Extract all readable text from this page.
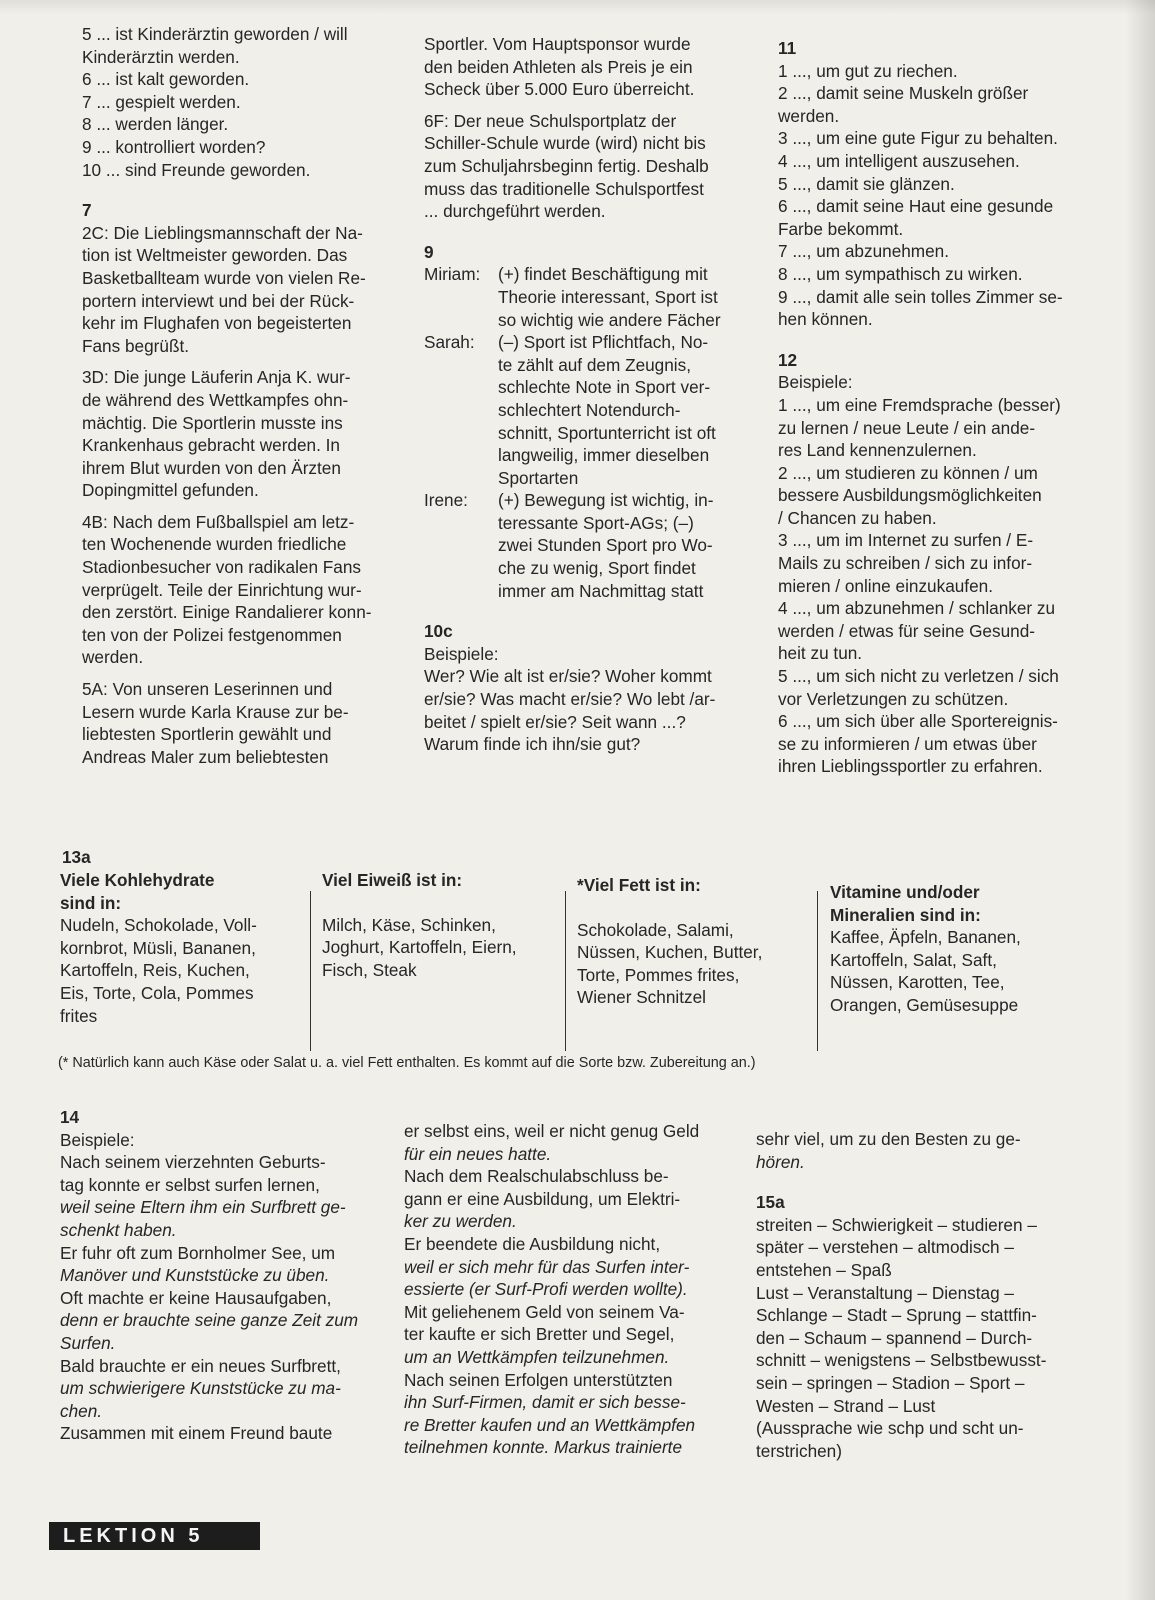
5 ... ist Kinderärztin geworden / will
Kinderärztin werden.

6 ... ist kalt geworden.

7 ... gespielt werden.

8 ... werden länger.

9 ... kontrolliert worden?

10 ... sind Freunde geworden.

7

2C: Die Lieblingsmannschaft der Na-
tion ist Weltmeister geworden. Das
Basketballteam wurde von vielen Re-
portern interviewt und bei der Rück-
kehr im Flughafen von begeisterten
Fans begrüßt.

3D: Die junge Läuferin Anja K. wur-
de während des Wettkampfes ohn-
mächtig. Die Sportlerin musste ins
Krankenhaus gebracht werden. In
ihrem Blut wurden von den Ärzten
Dopingmittel gefunden.

4B: Nach dem Fußballspiel am letz-
ten Wochenende wurden friedliche
Stadionbesucher von radikalen Fans
verprügelt. Teile der Einrichtung wur-
den zerstört. Einige Randalierer konn-
ten von der Polizei festgenommen
werden.

5A: Von unseren Leserinnen und
Lesern wurde Karla Krause zur be-
liebtesten Sportlerin gewählt und
Andreas Maler zum beliebtesten

Sportler. Vom Hauptsponsor wurde
den beiden Athleten als Preis je ein
Scheck über 5.000 Euro überreicht.

6F: Der neue Schulsportplatz der
Schiller-Schule wurde (wird) nicht bis
zum Schuljahrsbeginn fertig. Deshalb
muss das traditionelle Schulsportfest
... durchgeführt werden.

9

Miriam:	(+) findet Beschäftigung mit
Theorie interessant, Sport ist
so wichtig wie andere Fächer
Sarah:	(–) Sport ist Pflichtfach, No-
te zählt auf dem Zeugnis,
schlechte Note in Sport ver-
schlechtert Notendurch-
schnitt, Sportunterricht ist oft
langweilig, immer dieselben
Sportarten
Irene:	(+) Bewegung ist wichtig, in-
teressante Sport-AGs; (–)
zwei Stunden Sport pro Wo-
che zu wenig, Sport findet
immer am Nachmittag statt

10c

Beispiele:

Wer? Wie alt ist er/sie? Woher kommt
er/sie? Was macht er/sie? Wo lebt /ar-
beitet / spielt er/sie? Seit wann ...?
Warum finde ich ihn/sie gut?

11

1 ..., um gut zu riechen.

2 ..., damit seine Muskeln größer
werden.

3 ..., um eine gute Figur zu behalten.

4 ..., um intelligent auszusehen.

5 ..., damit sie glänzen.

6 ..., damit seine Haut eine gesunde
Farbe bekommt.

7 ..., um abzunehmen.

8 ..., um sympathisch zu wirken.

9 ..., damit alle sein tolles Zimmer se-
hen können.

12

Beispiele:

1 ..., um eine Fremdsprache (besser)
zu lernen / neue Leute / ein ande-
res Land kennenzulernen.

2 ..., um studieren zu können / um
bessere Ausbildungsmöglichkeiten
/ Chancen zu haben.

3 ..., um im Internet zu surfen / E-
Mails zu schreiben / sich zu infor-
mieren / online einzukaufen.

4 ..., um abzunehmen / schlanker zu
werden / etwas für seine Gesund-
heit zu tun.

5 ..., um sich nicht zu verletzen / sich
vor Verletzungen zu schützen.

6 ..., um sich über alle Sportereignis-
se zu informieren / um etwas über
ihren Lieblingssportler zu erfahren.

13a

Viele Kohlehydrate
sind in:

Nudeln, Schokolade, Voll-
kornbrot, Müsli, Bananen,
Kartoffeln, Reis, Kuchen,
Eis, Torte, Cola, Pommes
frites

Viel Eiweiß ist in:

Milch, Käse, Schinken,
Joghurt, Kartoffeln, Eiern,
Fisch, Steak

*Viel Fett ist in:

Schokolade, Salami,
Nüssen, Kuchen, Butter,
Torte, Pommes frites,
Wiener Schnitzel

Vitamine und/oder
Mineralien sind in:

Kaffee, Äpfeln, Bananen,
Kartoffeln, Salat, Saft,
Nüssen, Karotten, Tee,
Orangen, Gemüsesuppe

(* Natürlich kann auch Käse oder Salat u. a. viel Fett enthalten. Es kommt auf die Sorte bzw. Zubereitung an.)

14

Beispiele:

Nach seinem vierzehnten Geburts-
tag konnte er selbst surfen lernen,
weil seine Eltern ihm ein Surfbrett ge-
schenkt haben.

Er fuhr oft zum Bornholmer See, um
Manöver und Kunststücke zu üben.

Oft machte er keine Hausaufgaben,
denn er brauchte seine ganze Zeit zum
Surfen.

Bald brauchte er ein neues Surfbrett,
um schwierigere Kunststücke zu ma-
chen.

Zusammen mit einem Freund baute

er selbst eins, weil er nicht genug Geld
für ein neues hatte.

Nach dem Realschulabschluss be-
gann er eine Ausbildung, um Elektri-
ker zu werden.

Er beendete die Ausbildung nicht,
weil er sich mehr für das Surfen inter-
essierte (er Surf-Profi werden wollte).

Mit geliehenem Geld von seinem Va-
ter kaufte er sich Bretter und Segel,
um an Wettkämpfen teilzunehmen.

Nach seinen Erfolgen unterstützten
ihn Surf-Firmen, damit er sich besse-
re Bretter kaufen und an Wettkämpfen
teilnehmen konnte. Markus trainierte

sehr viel, um zu den Besten zu ge-
hören.

15a

streiten – Schwierigkeit – studieren –
später – verstehen – altmodisch –
entstehen – Spaß
Lust – Veranstaltung – Dienstag –
Schlange – Stadt – Sprung – stattfin-
den – Schaum – spannend – Durch-
schnitt – wenigstens – Selbstbewusst-
sein – springen – Stadion – Sport –
Westen – Strand – Lust
(Aussprache wie schp und scht un-
terstrichen)

LEKTION 5
